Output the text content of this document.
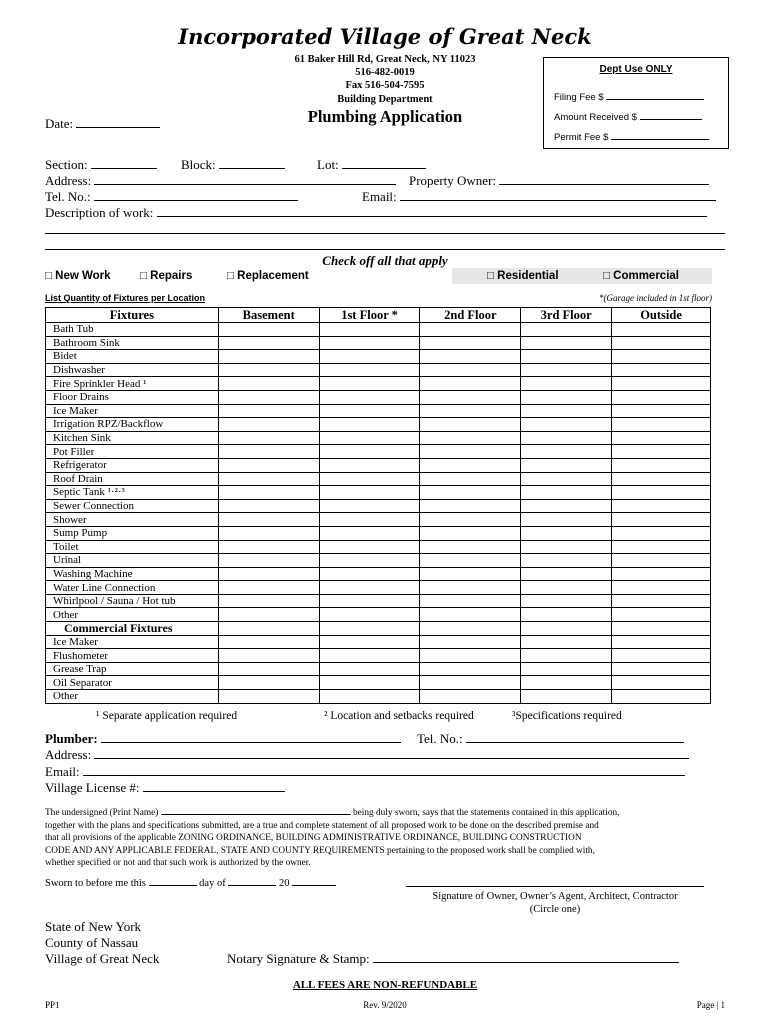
Incorporated Village of Great Neck
61 Baker Hill Rd, Great Neck, NY 11023
516-482-0019
Fax 516-504-7595
Building Department
Plumbing Application
Date:
Dept Use ONLY
Filing Fee $
Amount Received $
Permit Fee $
Section:	Block:	Lot:
Address:	Property Owner:
Tel. No.:	Email:
Description of work:
Check off all that apply
□ New Work	□ Repairs	□ Replacement	□ Residential	□ Commercial
List Quantity of Fixtures per Location	*(Garage included in 1st floor)
Fixtures	Basement	1st Floor *	2nd Floor	3rd Floor	Outside
Bath Tub					
Bathroom Sink					
Bidet					
Dishwasher					
Fire Sprinkler Head ¹					
Floor Drains					
Ice Maker					
Irrigation RPZ/Backflow					
Kitchen Sink					
Pot Filler					
Refrigerator					
Roof Drain					
Septic Tank ¹·²·³					
Sewer Connection					
Shower					
Sump Pump					
Toilet					
Urinal					
Washing Machine					
Water Line Connection					
Whirlpool / Sauna / Hot tub					
Other					
Commercial Fixtures					
Ice Maker					
Flushometer					
Grease Trap					
Oil Separator					
Other					
¹ Separate application required	² Location and setbacks required	³Specifications required
Plumber:	Tel. No.:
Address:
Email:
Village License #:
The undersigned (Print Name)	being duly sworn, says that the statements contained in this application,
together with the plans and specifications submitted, are a true and complete statement of all proposed work to be done on the described premise and
that all provisions of the applicable ZONING ORDINANCE, BUILDING ADMINISTRATIVE ORDINANCE, BUILDING CONSTRUCTION
CODE AND ANY APPLICABLE FEDERAL, STATE AND COUNTY REQUIREMENTS pertaining to the proposed work shall be complied with,
whether specified or not and that such work is authorized by the owner.
Sworn to before me this	day of	20
Signature of Owner, Owner’s Agent, Architect, Contractor
(Circle one)
State of New York
County of Nassau
Village of Great Neck	Notary Signature & Stamp:
ALL FEES ARE NON-REFUNDABLE
PP1	Rev. 9/2020	Page | 1
